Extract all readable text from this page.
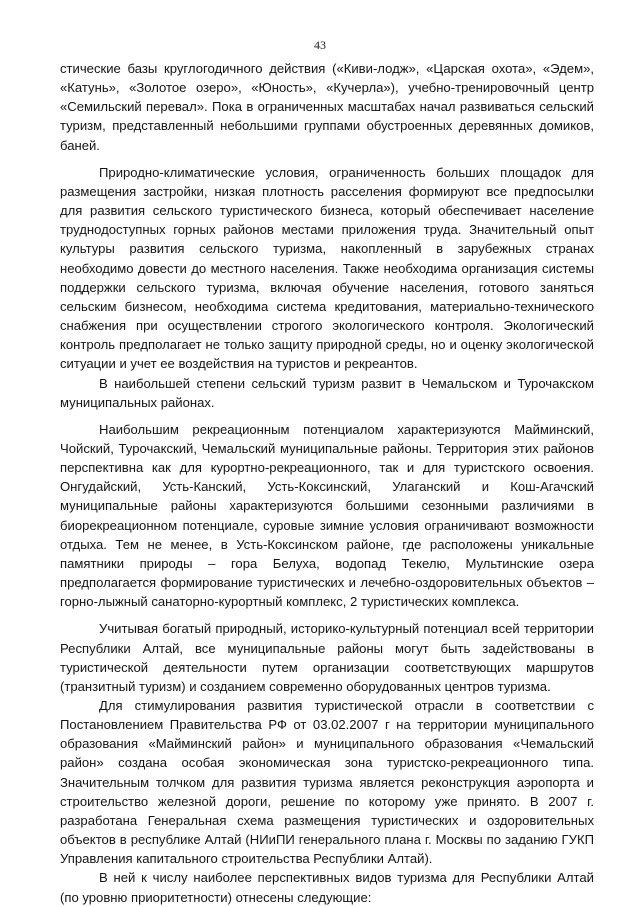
43

стические базы круглогодичного действия («Киви-лодж», «Царская охота», «Эдем», «Катунь», «Золотое озеро», «Юность», «Кучерла»), учебно-тренировочный центр «Семильский перевал». Пока в ограниченных масштабах начал развиваться сельский туризм, представленный небольшими группами обустроенных деревянных домиков, баней.

Природно-климатические условия, ограниченность больших площадок для размещения застройки, низкая плотность расселения формируют все предпосылки для развития сельского туристического бизнеса, который обеспечивает население труднодоступных горных районов местами приложения труда. Значительный опыт культуры развития сельского туризма, накопленный в зарубежных странах необходимо довести до местного населения. Также необходима организация системы поддержки сельского туризма, включая обучение населения, готового заняться сельским бизнесом, необходима система кредитования, материально-технического снабжения при осуществлении строгого экологического контроля. Экологический контроль предполагает не только защиту природной среды, но и оценку экологической ситуации и учет ее воздействия на туристов и рекреантов.

В наибольшей степени сельский туризм развит в Чемальском и Турочакском муниципальных районах.

Наибольшим рекреационным потенциалом характеризуются Майминский, Чойский, Турочакский, Чемальский муниципальные районы. Территория этих районов перспективна как для курортно-рекреационного, так и для туристского освоения. Онгудайский, Усть-Канский, Усть-Коксинский, Улаганский и Кош-Агачский муниципальные районы характеризуются большими сезонными различиями в биорекреационном потенциале, суровые зимние условия ограничивают возможности отдыха. Тем не менее, в Усть-Коксинском районе, где расположены уникальные памятники природы – гора Белуха, водопад Текелю, Мультинские озера предполагается формирование туристических и лечебно-оздоровительных объектов – горно-лыжный санаторно-курортный комплекс, 2 туристических комплекса.

Учитывая богатый природный, историко-культурный потенциал всей территории Республики Алтай, все муниципальные районы могут быть задействованы в туристической деятельности путем организации соответствующих маршрутов (транзитный туризм) и созданием современно оборудованных центров туризма.

Для стимулирования развития туристической отрасли в соответствии с Постановлением Правительства РФ от 03.02.2007 г на территории муниципального образования «Майминский район» и муниципального образования «Чемальский район» создана особая экономическая зона туристско-рекреационного типа. Значительным толчком для развития туризма является реконструкция аэропорта и строительство железной дороги, решение по которому уже принято. В 2007 г. разработана Генеральная схема размещения туристических и оздоровительных объектов в республике Алтай (НИиПИ генерального плана г. Москвы по заданию ГУКП Управления капитального строительства Республики Алтай).

В ней к числу наиболее перспективных видов туризма для Республики Алтай (по уровню приоритетности) отнесены следующие:
